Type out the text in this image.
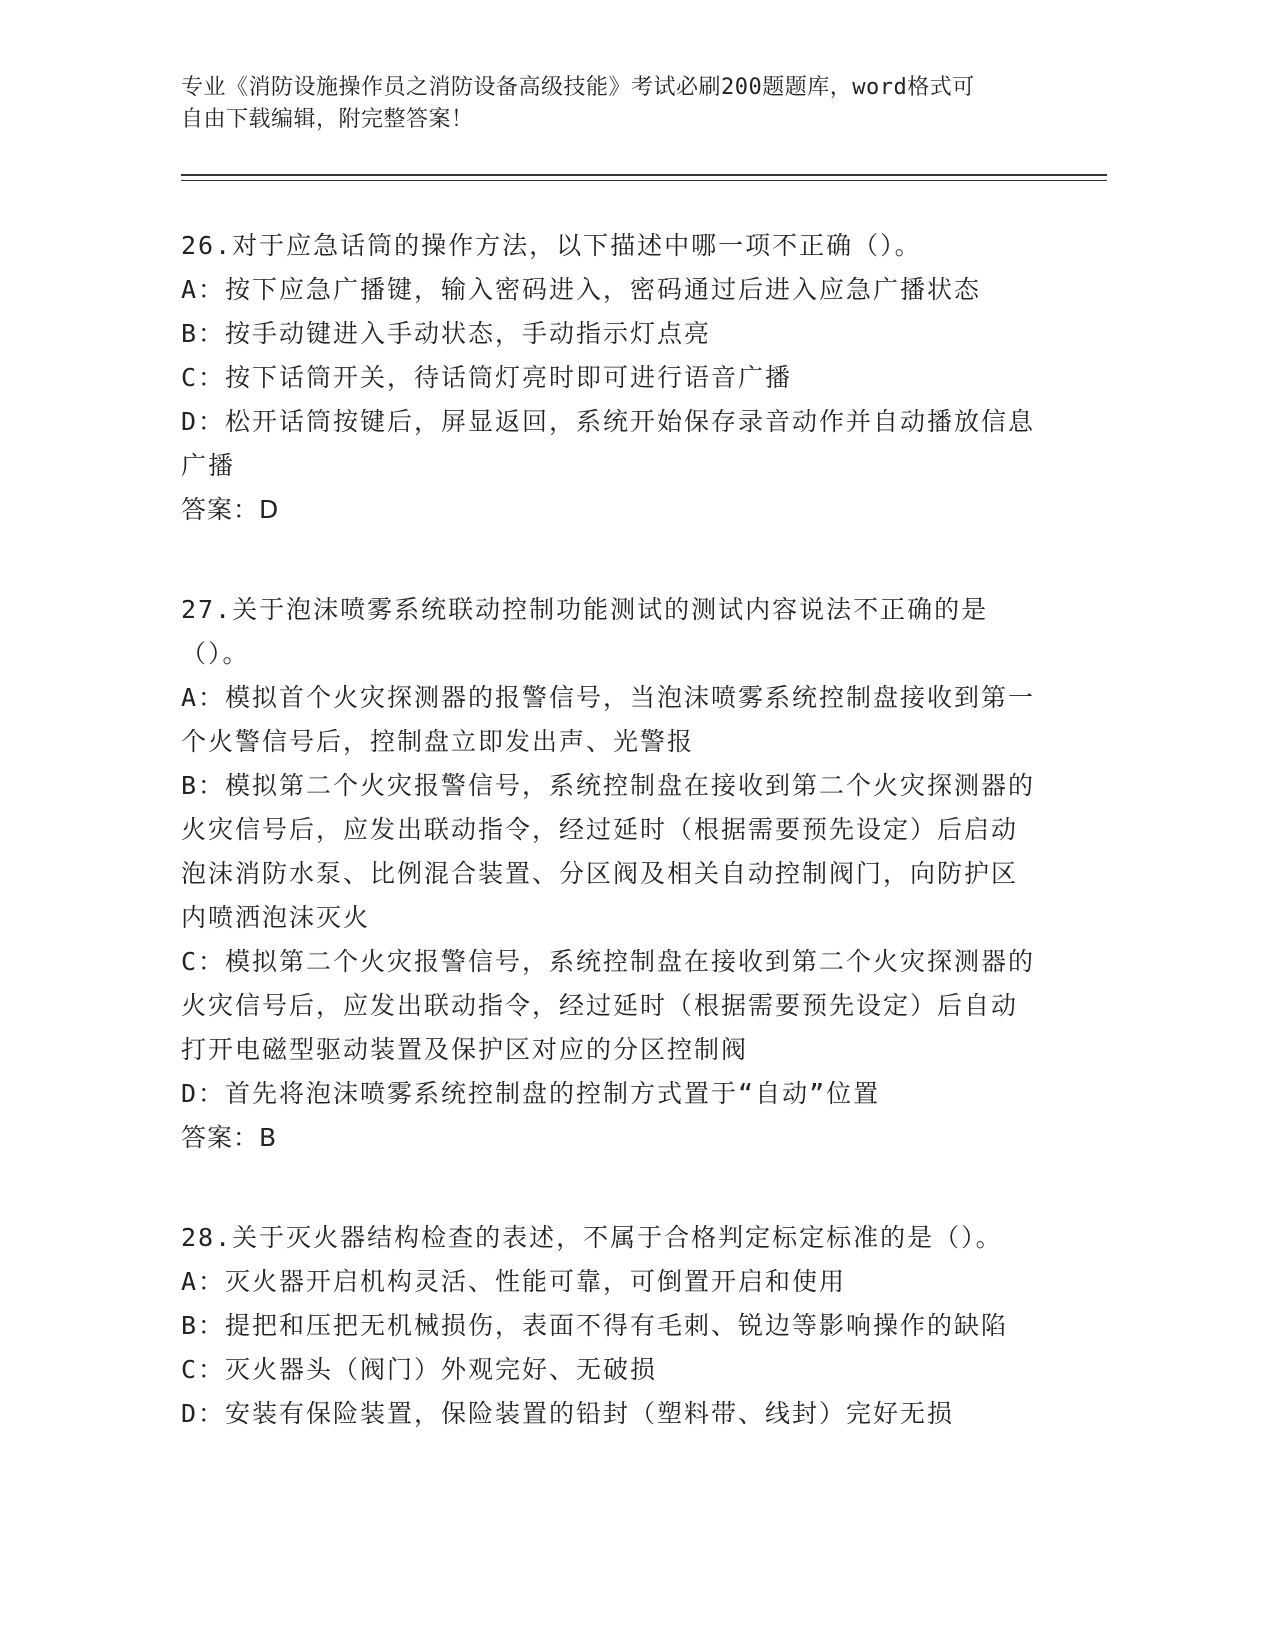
专业《消防设施操作员之消防设备高级技能》考试必刷200题题库，word格式可
自由下载编辑，附完整答案！

26.对于应急话筒的操作方法，以下描述中哪一项不正确（）。

A：按下应急广播键，输入密码进入，密码通过后进入应急广播状态

B：按手动键进入手动状态，手动指示灯点亮

C：按下话筒开关，待话筒灯亮时即可进行语音广播

D：松开话筒按键后，屏显返回，系统开始保存录音动作并自动播放信息广播

答案：D

27.关于泡沫喷雾系统联动控制功能测试的测试内容说法不正确的是（）。

A：模拟首个火灾探测器的报警信号，当泡沫喷雾系统控制盘接收到第一个火警信号后，控制盘立即发出声、光警报

B：模拟第二个火灾报警信号，系统控制盘在接收到第二个火灾探测器的火灾信号后，应发出联动指令，经过延时（根据需要预先设定）后启动泡沫消防水泵、比例混合装置、分区阀及相关自动控制阀门，向防护区内喷洒泡沫灭火

C：模拟第二个火灾报警信号，系统控制盘在接收到第二个火灾探测器的火灾信号后，应发出联动指令，经过延时（根据需要预先设定）后自动打开电磁型驱动装置及保护区对应的分区控制阀

D：首先将泡沫喷雾系统控制盘的控制方式置于“自动”位置

答案：B

28.关于灭火器结构检查的表述，不属于合格判定标定标准的是（）。

A：灭火器开启机构灵活、性能可靠，可倒置开启和使用

B：提把和压把无机械损伤，表面不得有毛刺、锐边等影响操作的缺陷

C：灭火器头（阀门）外观完好、无破损

D：安装有保险装置，保险装置的铅封（塑料带、线封）完好无损
